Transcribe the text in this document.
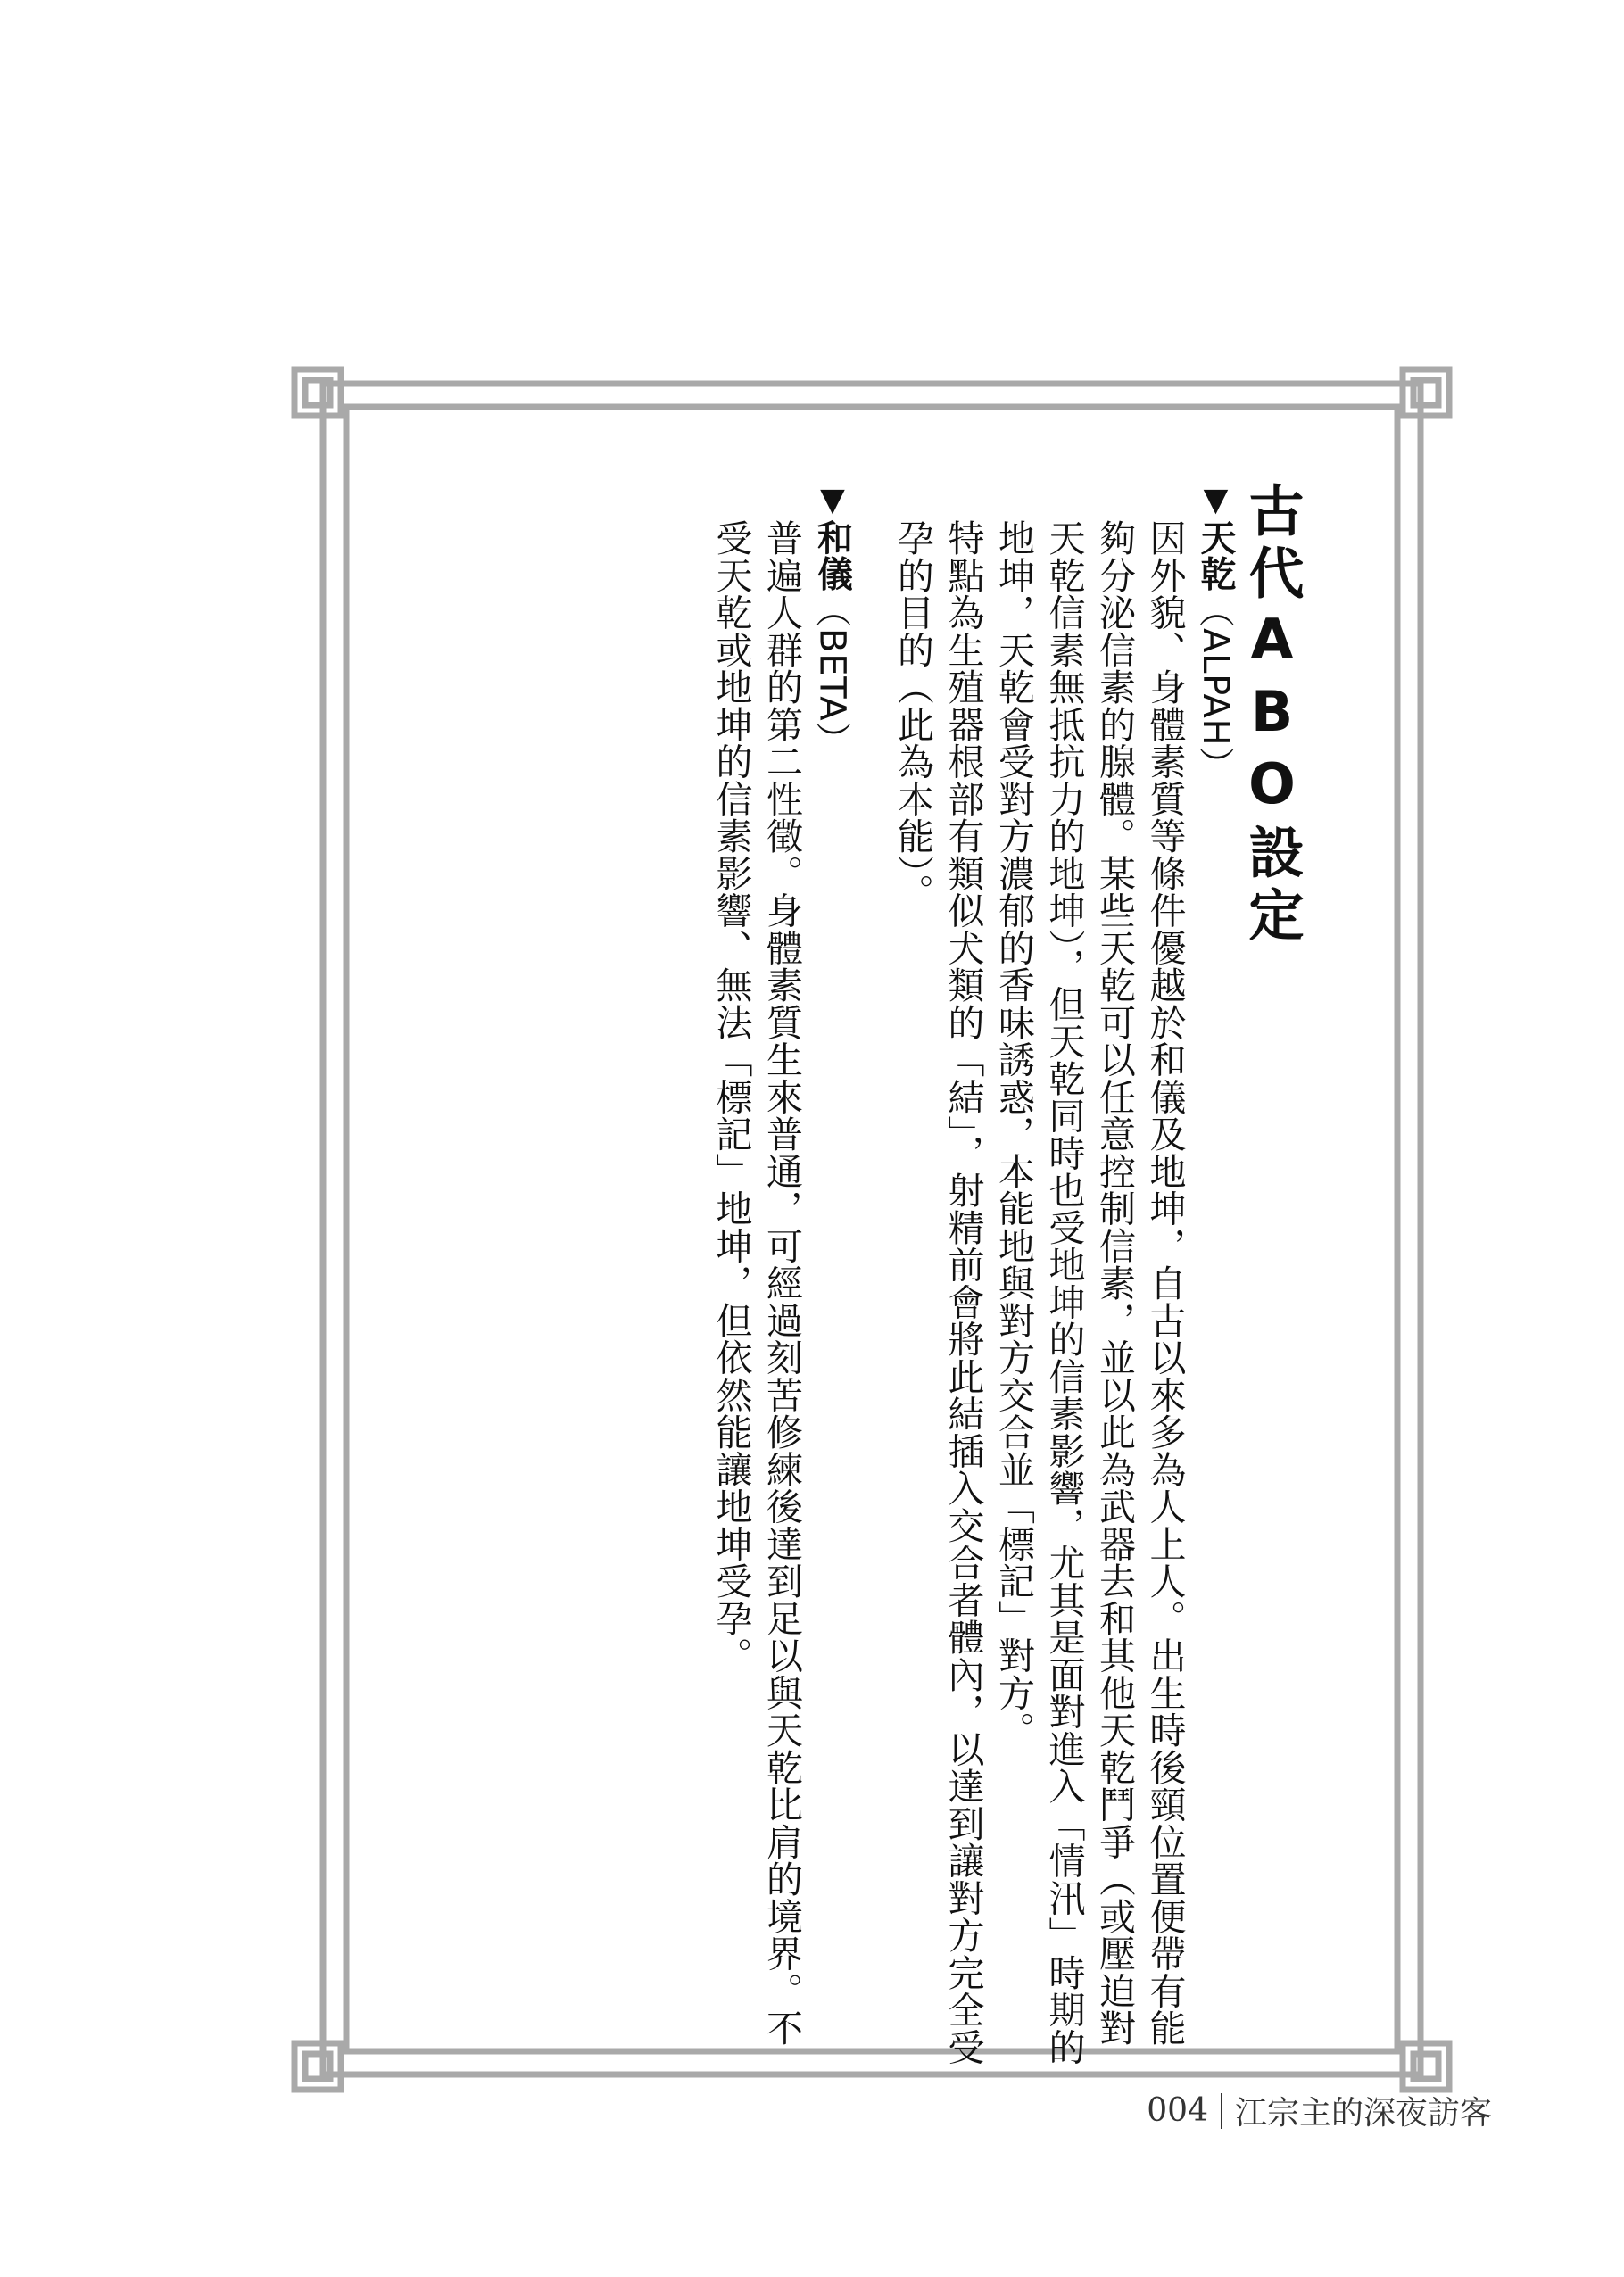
古代ABO設定
▼天乾（ALPAH）
因外貌、身體素質等條件優越於和儀及地坤，自古以來多為人上人。出生時後頸位置便帶有能夠分泌信素的腺體。某些天乾可以任意控制信素，並以此為武器去和其他天乾鬥爭（或壓迫對天乾信素無抵抗力的地坤），但天乾同時也受地坤的信素影響，尤其是面對進入「情汛」時期的地坤，天乾會受對方濃郁的香味誘惑，本能地與對方交合並「標記」對方。
特點為生殖器根部有類似犬類的「結」，射精前會將此結插入交合者體內，以達到讓對方完全受孕的目的（此為本能）。
▼和儀（BETA）
普遍人群的第二性徵。身體素質生來普通，可經過刻苦修練後達到足以與天乾比肩的境界。不受天乾或地坤的信素影響、無法「標記」地坤，但依然能讓地坤受孕。
004 江宗主的深夜訪客
